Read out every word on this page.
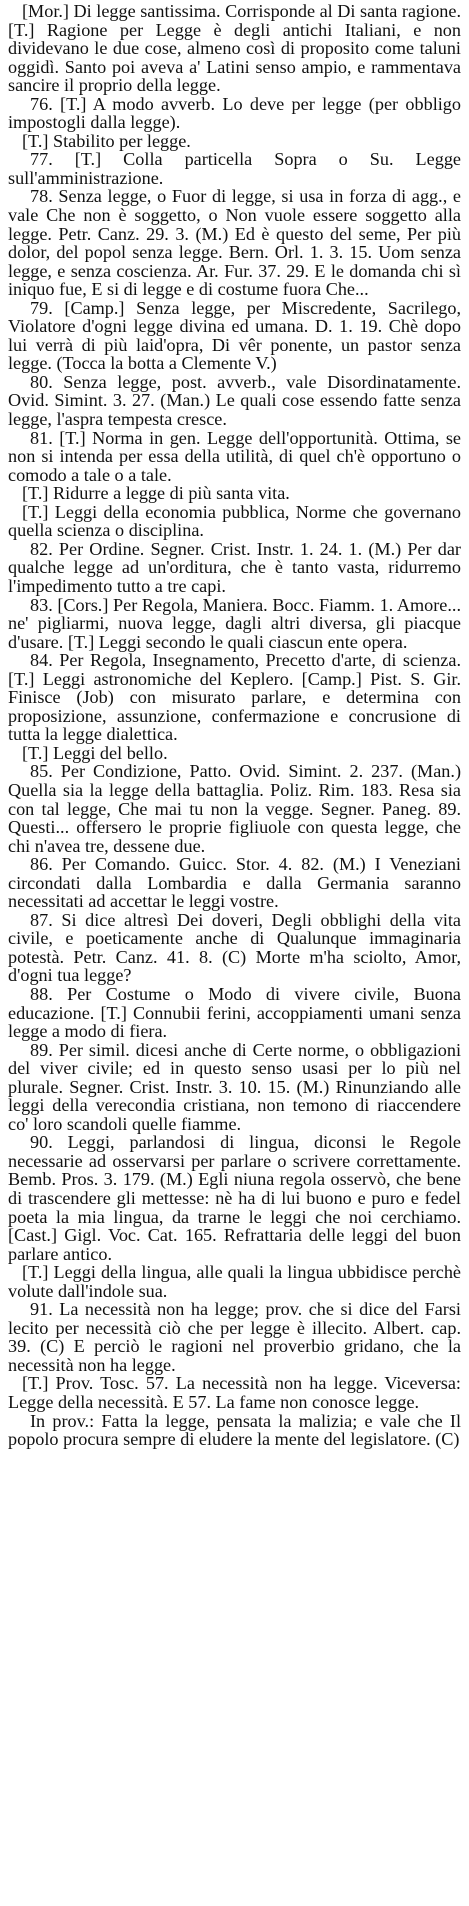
[Mor.] Di legge santissima. Corrisponde al Di santa ragione. [T.] Ragione per Legge è degli antichi Italiani, e non dividevano le due cose, almeno così di proposito come taluni oggidì. Santo poi aveva a' Latini senso ampio, e rammentava sancire il proprio della legge.

76. [T.] A modo avverb. Lo deve per legge (per obbligo impostogli dalla legge).

[T.] Stabilito per legge.

77. [T.] Colla particella Sopra o Su. Legge sull'amministrazione.

78. Senza legge, o Fuor di legge, si usa in forza di agg., e vale Che non è soggetto, o Non vuole essere soggetto alla legge. Petr. Canz. 29. 3. (M.) Ed è questo del seme, Per più dolor, del popol senza legge. Bern. Orl. 1. 3. 15. Uom senza legge, e senza coscienza. Ar. Fur. 37. 29. E le domanda chi sì iniquo fue, E si di legge e di costume fuora Che...

79. [Camp.] Senza legge, per Miscredente, Sacrilego, Violatore d'ogni legge divina ed umana. D. 1. 19. Chè dopo lui verrà di più laid'opra, Di vêr ponente, un pastor senza legge. (Tocca la botta a Clemente V.)

80. Senza legge, post. avverb., vale Disordinatamente. Ovid. Simint. 3. 27. (Man.) Le quali cose essendo fatte senza legge, l'aspra tempesta cresce.

81. [T.] Norma in gen. Legge dell'opportunità. Ottima, se non si intenda per essa della utilità, di quel ch'è opportuno o comodo a tale o a tale.

[T.] Ridurre a legge di più santa vita.

[T.] Leggi della economia pubblica, Norme che governano quella scienza o disciplina.

82. Per Ordine. Segner. Crist. Instr. 1. 24. 1. (M.) Per dar qualche legge ad un'orditura, che è tanto vasta, ridurremo l'impedimento tutto a tre capi.

83. [Cors.] Per Regola, Maniera. Bocc. Fiamm. 1. Amore... ne' pigliarmi, nuova legge, dagli altri diversa, gli piacque d'usare. [T.] Leggi secondo le quali ciascun ente opera.

84. Per Regola, Insegnamento, Precetto d'arte, di scienza. [T.] Leggi astronomiche del Keplero. [Camp.] Pist. S. Gir. Finisce (Job) con misurato parlare, e determina con proposizione, assunzione, confermazione e concrusione di tutta la legge dialettica.

[T.] Leggi del bello.

85. Per Condizione, Patto. Ovid. Simint. 2. 237. (Man.) Quella sia la legge della battaglia. Poliz. Rim. 183. Resa sia con tal legge, Che mai tu non la vegge. Segner. Paneg. 89. Questi... offersero le proprie figliuole con questa legge, che chi n'avea tre, dessene due.

86. Per Comando. Guicc. Stor. 4. 82. (M.) I Veneziani circondati dalla Lombardia e dalla Germania saranno necessitati ad accettar le leggi vostre.

87. Si dice altresì Dei doveri, Degli obblighi della vita civile, e poeticamente anche di Qualunque immaginaria potestà. Petr. Canz. 41. 8. (C) Morte m'ha sciolto, Amor, d'ogni tua legge?

88. Per Costume o Modo di vivere civile, Buona educazione. [T.] Connubii ferini, accoppiamenti umani senza legge a modo di fiera.

89. Per simil. dicesi anche di Certe norme, o obbligazioni del viver civile; ed in questo senso usasi per lo più nel plurale. Segner. Crist. Instr. 3. 10. 15. (M.) Rinunziando alle leggi della verecondia cristiana, non temono di riaccendere co' loro scandoli quelle fiamme.

90. Leggi, parlandosi di lingua, diconsi le Regole necessarie ad osservarsi per parlare o scrivere correttamente. Bemb. Pros. 3. 179. (M.) Egli niuna regola osservò, che bene di trascendere gli mettesse: nè ha di lui buono e puro e fedel poeta la mia lingua, da trarne le leggi che noi cerchiamo. [Cast.] Gigl. Voc. Cat. 165. Refrattaria delle leggi del buon parlare antico.

[T.] Leggi della lingua, alle quali la lingua ubbidisce perchè volute dall'indole sua.

91. La necessità non ha legge; prov. che si dice del Farsi lecito per necessità ciò che per legge è illecito. Albert. cap. 39. (C) E perciò le ragioni nel proverbio gridano, che la necessità non ha legge.

[T.] Prov. Tosc. 57. La necessità non ha legge. Viceversa: Legge della necessità. E 57. La fame non conosce legge.

In prov.: Fatta la legge, pensata la malizia; e vale che Il popolo procura sempre di eludere la mente del legislatore. (C)
